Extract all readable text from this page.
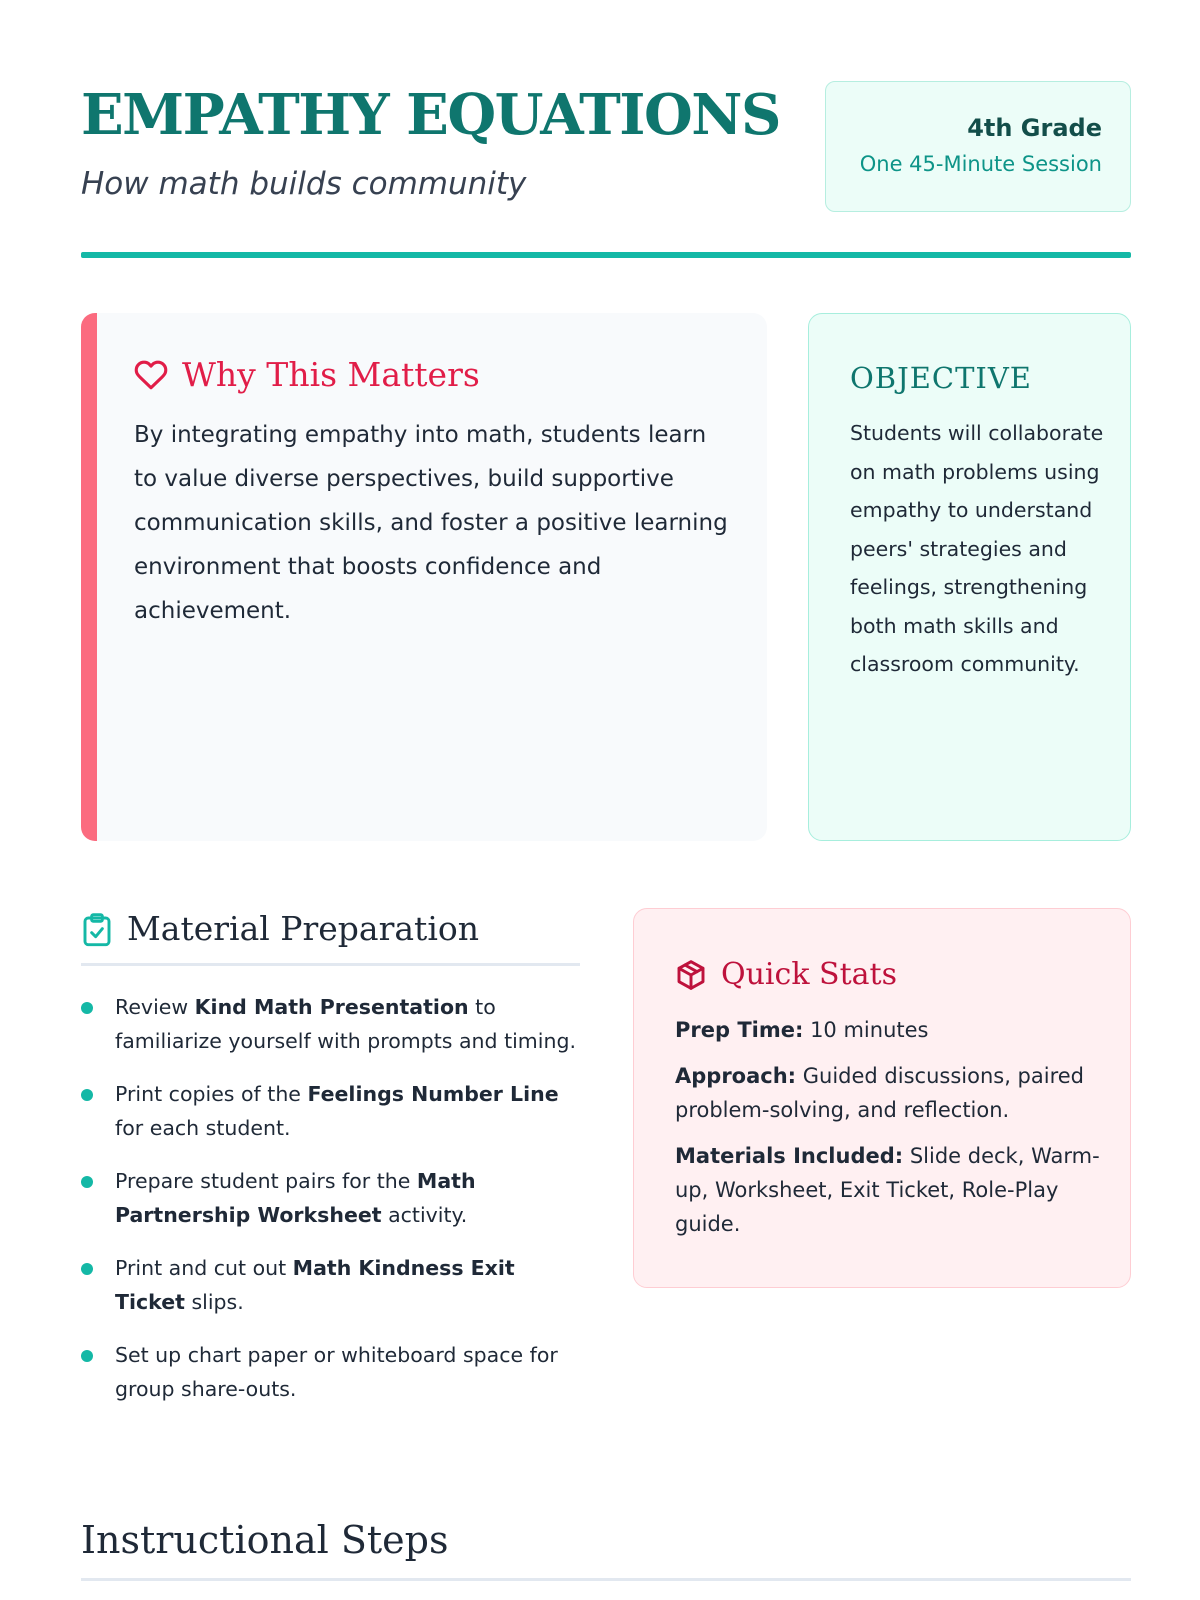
EMPATHY EQUATIONS
How math builds community
4th Grade
One 45-Minute Session
Why This Matters

By integrating empathy into math, students learn to value diverse perspectives, build supportive communication skills, and foster a positive learning environment that boosts confidence and achievement.

OBJECTIVE

Students will collaborate on math problems using empathy to understand peers' strategies and feelings, strengthening both math skills and classroom community.

Material Preparation
Review Kind Math Presentation to familiarize yourself with prompts and timing.
Print copies of the Feelings Number Line for each student.
Prepare student pairs for the Math Partnership Worksheet activity.
Print and cut out Math Kindness Exit Ticket slips.
Set up chart paper or whiteboard space for group share-outs.
Quick Stats
Prep Time: 10 minutes
Approach: Guided discussions, paired problem-solving, and reflection.
Materials Included: Slide deck, Warm-up, Worksheet, Exit Ticket, Role-Play guide.
Instructional Steps
